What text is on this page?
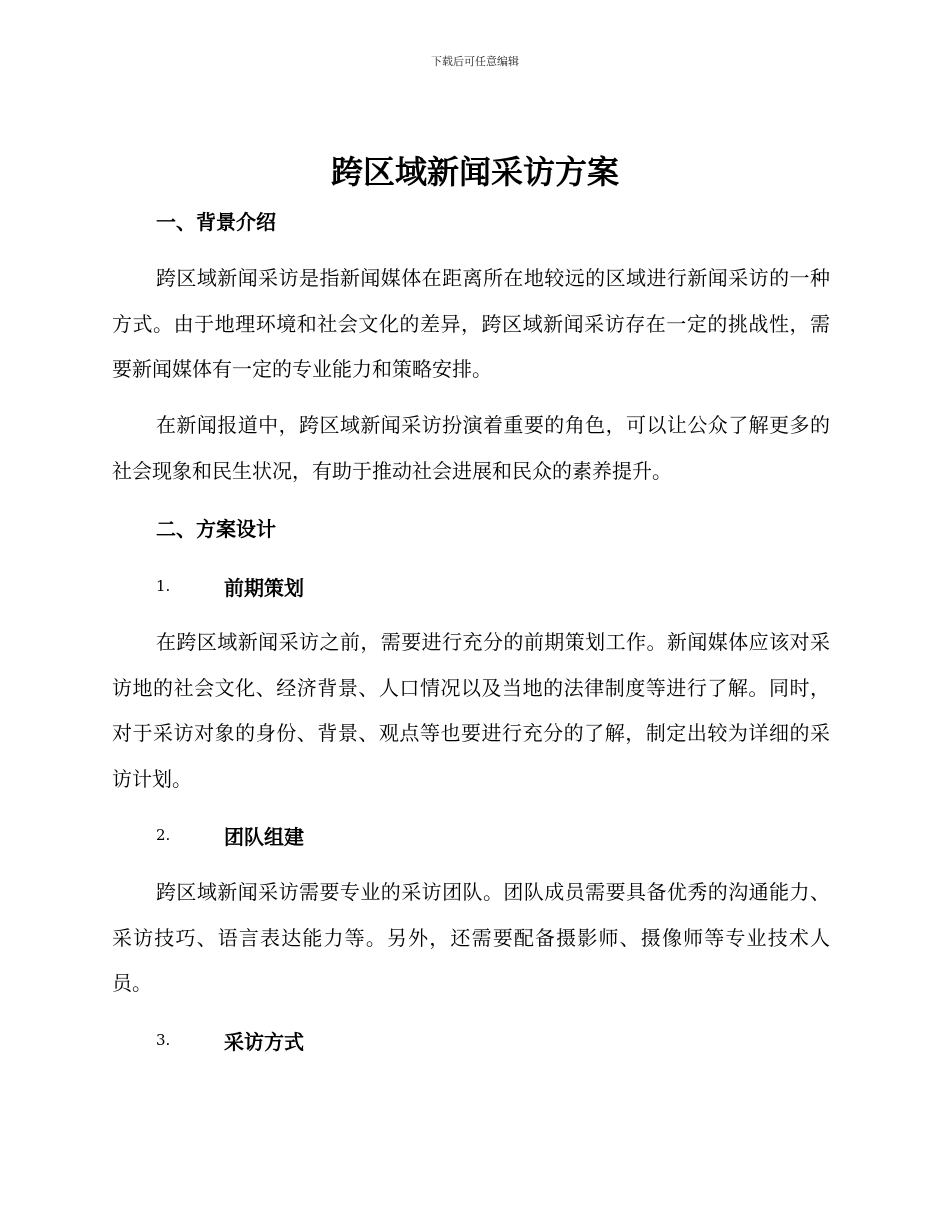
下载后可任意编辑
跨区域新闻采访方案
一、背景介绍

跨区域新闻采访是指新闻媒体在距离所在地较远的区域进行新闻采访的一种方式。由于地理环境和社会文化的差异，跨区域新闻采访存在一定的挑战性，需要新闻媒体有一定的专业能力和策略安排。

在新闻报道中，跨区域新闻采访扮演着重要的角色，可以让公众了解更多的社会现象和民生状况，有助于推动社会进展和民众的素养提升。

二、方案设计
1.	前期策划

在跨区域新闻采访之前，需要进行充分的前期策划工作。新闻媒体应该对采访地的社会文化、经济背景、人口情况以及当地的法律制度等进行了解。同时，对于采访对象的身份、背景、观点等也要进行充分的了解，制定出较为详细的采访计划。

2.	团队组建

跨区域新闻采访需要专业的采访团队。团队成员需要具备优秀的沟通能力、采访技巧、语言表达能力等。另外，还需要配备摄影师、摄像师等专业技术人员。

3.	采访方式
